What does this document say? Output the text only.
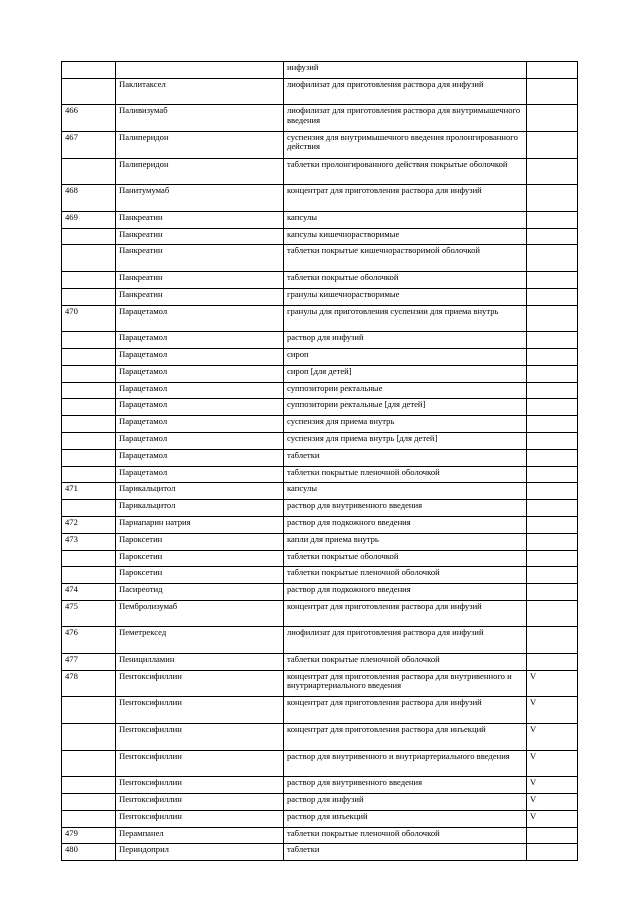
		инфузий	
	Паклитаксел	лиофилизат для приготовления раствора для инфузий	
466	Паливизумаб	лиофилизат для приготовления раствора для внутримышечного введения	
467	Палиперидон	суспензия для внутримышечного введения пролонгированного действия	
	Палиперидон	таблетки пролонгированного действия покрытые оболочкой	
468	Панитумумаб	концентрат для приготовления раствора для инфузий	
469	Панкреатин	капсулы	
	Панкреатин	капсулы кишечнорастворимые	
	Панкреатин	таблетки покрытые кишечнорастворимой оболочкой	
	Панкреатин	таблетки покрытые оболочкой	
	Панкреатин	гранулы кишечнорастворимые	
470	Парацетамол	гранулы для приготовления суспензии для приема внутрь	
	Парацетамол	раствор для инфузий	
	Парацетамол	сироп	
	Парацетамол	сироп [для детей]	
	Парацетамол	суппозитории ректальные	
	Парацетамол	суппозитории ректальные [для детей]	
	Парацетамол	суспензия для приема внутрь	
	Парацетамол	суспензия для приема внутрь [для детей]	
	Парацетамол	таблетки	
	Парацетамол	таблетки покрытые пленочной оболочкой	
471	Парикальцитол	капсулы	
	Парикальцитол	раствор для внутривенного введения	
472	Парнапарин натрия	раствор для подкожного введения	
473	Пароксетин	капли для приема внутрь	
	Пароксетин	таблетки покрытые оболочкой	
	Пароксетин	таблетки покрытые пленочной оболочкой	
474	Пасиреотид	раствор для подкожного введения	
475	Пембролизумаб	концентрат для приготовления раствора для инфузий	
476	Пеметрексед	лиофилизат для приготовления раствора для инфузий	
477	Пеницилламин	таблетки покрытые пленочной оболочкой	
478	Пентоксифиллин	концентрат для приготовления раствора для внутривенного и внутриартериального введения	V
	Пентоксифиллин	концентрат для приготовления раствора для инфузий	V
	Пентоксифиллин	концентрат для приготовления раствора для инъекций	V
	Пентоксифиллин	раствор для внутривенного и внутриартериального введения	V
	Пентоксифиллин	раствор для внутривенного введения	V
	Пентоксифиллин	раствор для инфузий	V
	Пентоксифиллин	раствор для инъекций	V
479	Перампанел	таблетки покрытые пленочной оболочкой	
480	Периндоприл	таблетки	
